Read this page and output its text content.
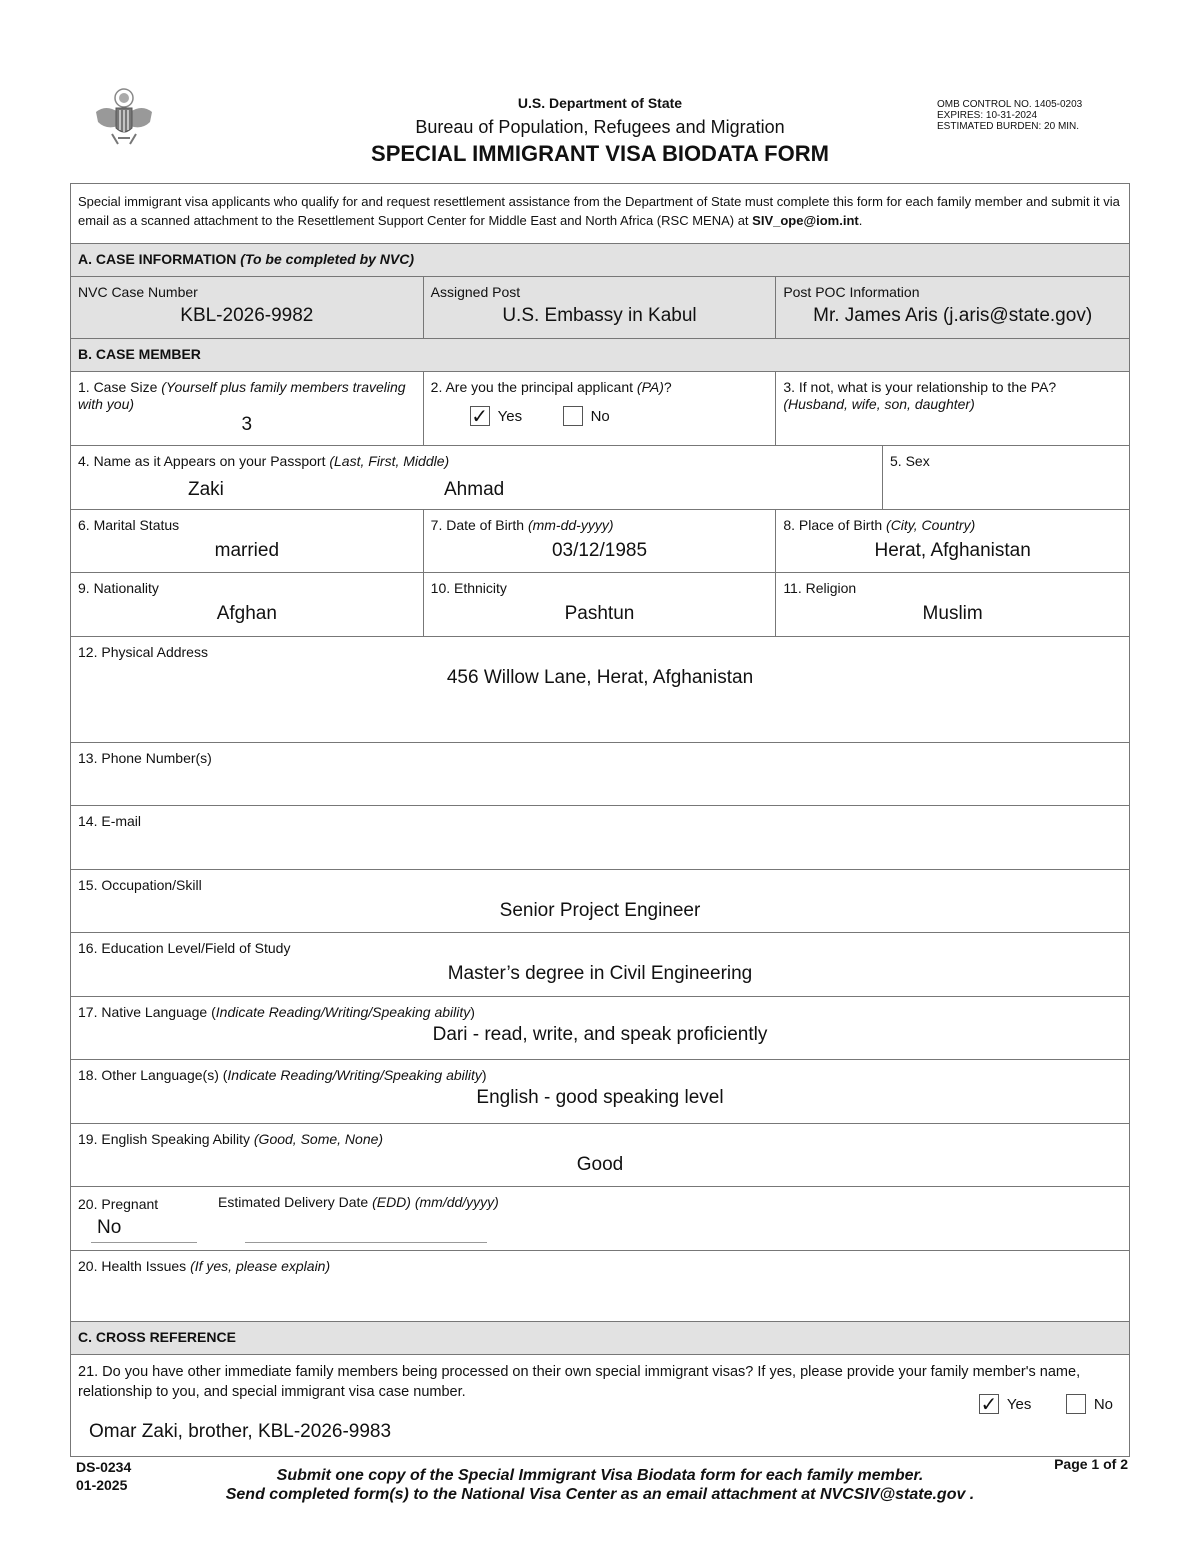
U.S. Department of State
Bureau of Population, Refugees and Migration
SPECIAL IMMIGRANT VISA BIODATA FORM
OMB CONTROL NO. 1405-0203
EXPIRES: 10-31-2024
ESTIMATED BURDEN: 20 MIN.
Special immigrant visa applicants who qualify for and request resettlement assistance from the Department of State must complete this form for each family member and submit it via email as a scanned attachment to the Resettlement Support Center for Middle East and North Africa (RSC MENA) at SIV_ope@iom.int.
A. CASE INFORMATION (To be completed by NVC)
NVC Case Number
KBL-2026-9982
Assigned Post
U.S. Embassy in Kabul
Post POC Information
Mr. James Aris (j.aris@state.gov)
B. CASE MEMBER
1. Case Size (Yourself plus family members traveling with you)
3
2. Are you the principal applicant (PA)?
✓ Yes	No
3. If not, what is your relationship to the PA?
(Husband, wife, son, daughter)
4. Name as it Appears on your Passport (Last, First, Middle)
Zaki	Ahmad
5. Sex
6. Marital Status
married
7. Date of Birth (mm-dd-yyyy)
03/12/1985
8. Place of Birth (City, Country)
Herat, Afghanistan
9. Nationality
Afghan
10. Ethnicity
Pashtun
11. Religion
Muslim
12. Physical Address
456 Willow Lane, Herat, Afghanistan
13. Phone Number(s)
14. E-mail
15. Occupation/Skill
Senior Project Engineer
16. Education Level/Field of Study
Master’s degree in Civil Engineering
17. Native Language (Indicate Reading/Writing/Speaking ability)
Dari - read, write, and speak proficiently
18. Other Language(s) (Indicate Reading/Writing/Speaking ability)
English - good speaking level
19. English Speaking Ability (Good, Some, None)
Good
20. Pregnant	Estimated Delivery Date (EDD) (mm/dd/yyyy)
No
20. Health Issues (If yes, please explain)
C. CROSS REFERENCE
21. Do you have other immediate family members being processed on their own special immigrant visas? If yes, please provide your family member's name, relationship to you, and special immigrant visa case number.
✓ Yes	No
Omar Zaki, brother, KBL-2026-9983
DS-0234
01-2025
Page 1 of 2
Submit one copy of the Special Immigrant Visa Biodata form for each family member.
Send completed form(s) to the National Visa Center as an email attachment at NVCSIV@state.gov .
